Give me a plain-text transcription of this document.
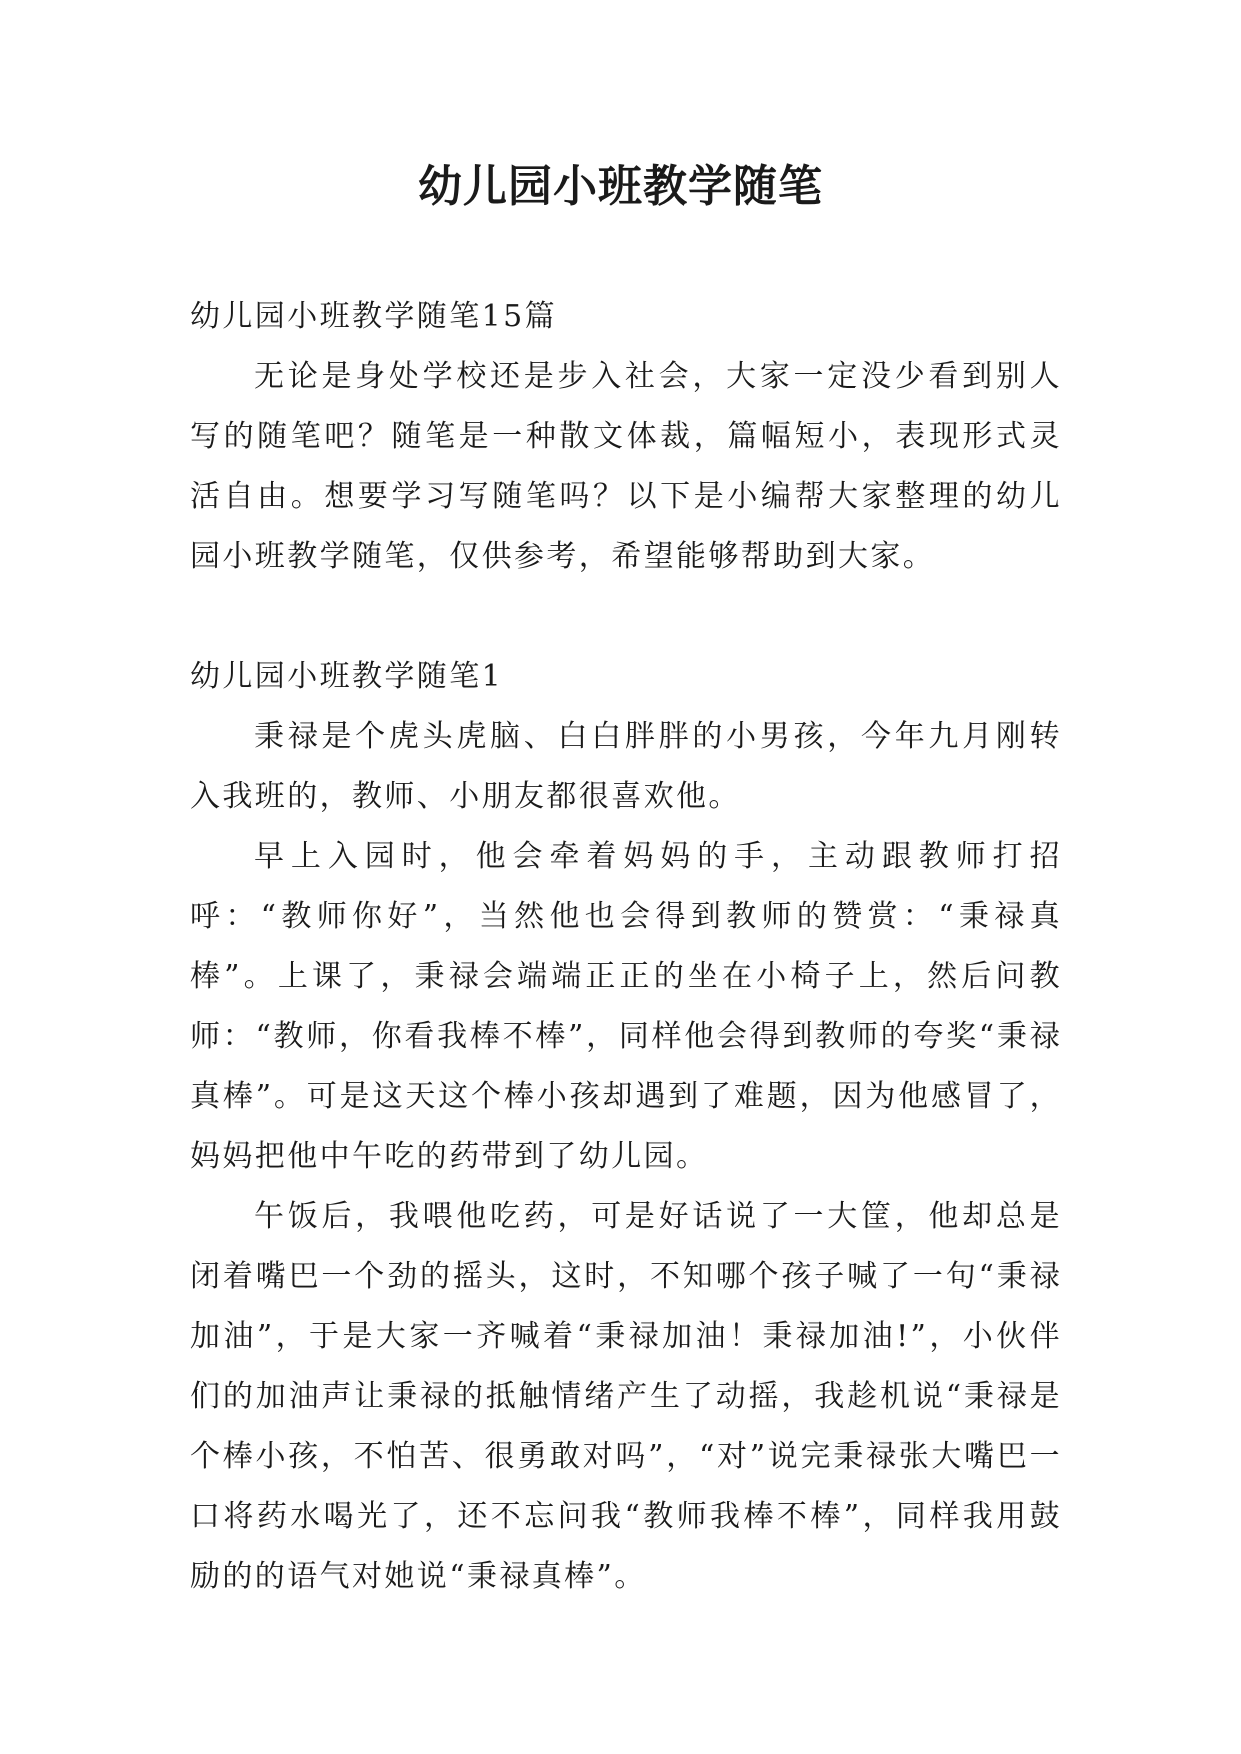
幼儿园小班教学随笔

幼儿园小班教学随笔15篇

无论是身处学校还是步入社会，大家一定没少看到别人写的随笔吧？随笔是一种散文体裁，篇幅短小，表现形式灵活自由。想要学习写随笔吗？以下是小编帮大家整理的幼儿园小班教学随笔，仅供参考，希望能够帮助到大家。

幼儿园小班教学随笔1

秉禄是个虎头虎脑、白白胖胖的小男孩，今年九月刚转入我班的，教师、小朋友都很喜欢他。

早上入园时，他会牵着妈妈的手，主动跟教师打招呼：“教师你好”，当然他也会得到教师的赞赏：“秉禄真棒”。上课了，秉禄会端端正正的坐在小椅子上，然后问教师：“教师，你看我棒不棒”，同样他会得到教师的夸奖“秉禄真棒”。可是这天这个棒小孩却遇到了难题，因为他感冒了，妈妈把他中午吃的药带到了幼儿园。

午饭后，我喂他吃药，可是好话说了一大筐，他却总是闭着嘴巴一个劲的摇头，这时，不知哪个孩子喊了一句“秉禄加油”，于是大家一齐喊着“秉禄加油！秉禄加油!”，小伙伴们的加油声让秉禄的抵触情绪产生了动摇，我趁机说“秉禄是个棒小孩，不怕苦、很勇敢对吗”，“对”说完秉禄张大嘴巴一口将药水喝光了，还不忘问我“教师我棒不棒”，同样我用鼓励的的语气对她说“秉禄真棒”。
